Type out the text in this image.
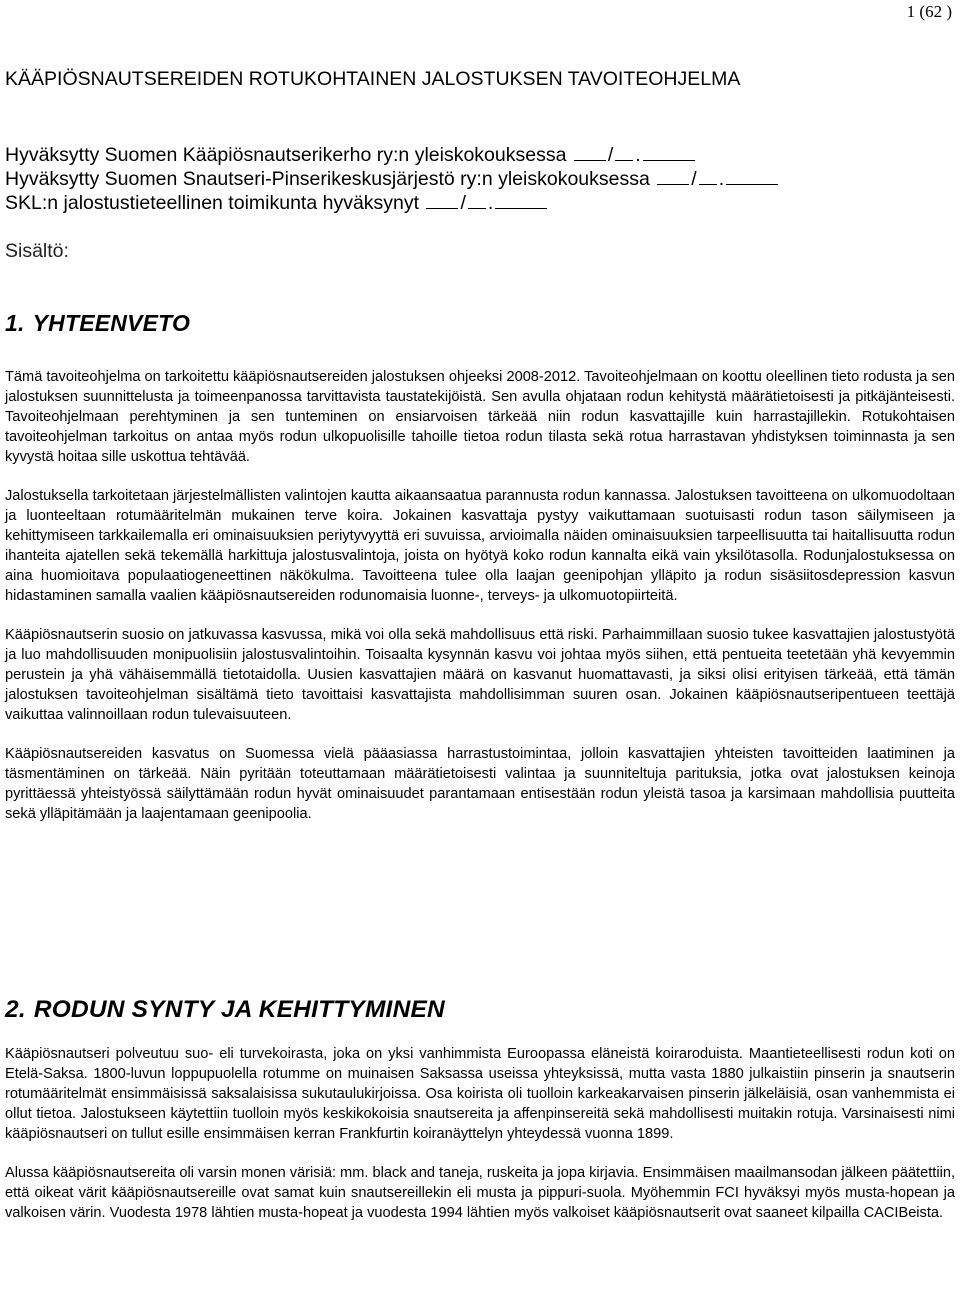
1 (62 )
KÄÄPIÖSNAUTSEREIDEN ROTUKOHTAINEN JALOSTUKSEN TAVOITEOHJELMA
Hyväksytty Suomen Kääpiösnautserikerho ry:n yleiskokouksessa / .
Hyväksytty Suomen Snautseri-Pinserikeskusjärjestö ry:n yleiskokouksessa / .
SKL:n jalostustieteellinen toimikunta hyväksynyt / .
Sisältö:
1. YHTEENVETO

Tämä tavoiteohjelma on tarkoitettu kääpiösnautsereiden jalostuksen ohjeeksi 2008-2012. Tavoiteohjelmaan on koottu oleellinen tieto rodusta ja sen jalostuksen suunnittelusta ja toimeenpanossa tarvittavista taustatekijöistä. Sen avulla ohjataan rodun kehitystä määrätietoisesti ja pitkäjänteisesti. Tavoiteohjelmaan perehtyminen ja sen tunteminen on ensiarvoisen tärkeää niin rodun kasvattajille kuin harrastajillekin. Rotukohtaisen tavoiteohjelman tarkoitus on antaa myös rodun ulkopuolisille tahoille tietoa rodun tilasta sekä rotua harrastavan yhdistyksen toiminnasta ja sen kyvystä hoitaa sille uskottua tehtävää.

Jalostuksella tarkoitetaan järjestelmällisten valintojen kautta aikaansaatua parannusta rodun kannassa. Jalostuksen tavoitteena on ulkomuodoltaan ja luonteeltaan rotumääritelmän mukainen terve koira. Jokainen kasvattaja pystyy vaikuttamaan suotuisasti rodun tason säilymiseen ja kehittymiseen tarkkailemalla eri ominaisuuksien periytyvyyttä eri suvuissa, arvioimalla näiden ominaisuuksien tarpeellisuutta tai haitallisuutta rodun ihanteita ajatellen sekä tekemällä harkittuja jalostusvalintoja, joista on hyötyä koko rodun kannalta eikä vain yksilötasolla. Rodunjalostuksessa on aina huomioitava populaatiogeneettinen näkökulma. Tavoitteena tulee olla laajan geenipohjan ylläpito ja rodun sisäsiitosdepression kasvun hidastaminen samalla vaalien kääpiösnautsereiden rodunomaisia luonne-, terveys- ja ulkomuotopiirteitä.

Kääpiösnautserin suosio on jatkuvassa kasvussa, mikä voi olla sekä mahdollisuus että riski. Parhaimmillaan suosio tukee kasvattajien jalostustyötä ja luo mahdollisuuden monipuolisiin jalostusvalintoihin. Toisaalta kysynnän kasvu voi johtaa myös siihen, että pentueita teetetään yhä kevyemmin perustein ja yhä vähäisemmällä tietotaidolla. Uusien kasvattajien määrä on kasvanut huomattavasti, ja siksi olisi erityisen tärkeää, että tämän jalostuksen tavoiteohjelman sisältämä tieto tavoittaisi kasvattajista mahdollisimman suuren osan. Jokainen kääpiösnautseripentueen teettäjä vaikuttaa valinnoillaan rodun tulevaisuuteen.

Kääpiösnautsereiden kasvatus on Suomessa vielä pääasiassa harrastustoimintaa, jolloin kasvattajien yhteisten tavoitteiden laatiminen ja täsmentäminen on tärkeää. Näin pyritään toteuttamaan määrätietoisesti valintaa ja suunniteltuja parituksia, jotka ovat jalostuksen keinoja pyrittäessä yhteistyössä säilyttämään rodun hyvät ominaisuudet parantamaan entisestään rodun yleistä tasoa ja karsimaan mahdollisia puutteita sekä ylläpitämään ja laajentamaan geenipoolia.

2. RODUN SYNTY JA KEHITTYMINEN

Kääpiösnautseri polveutuu suo- eli turvekoirasta, joka on yksi vanhimmista Euroopassa eläneistä koiraroduista. Maantieteellisesti rodun koti on Etelä-Saksa. 1800-luvun loppupuolella rotumme on muinaisen Saksassa useissa yhteyksissä, mutta vasta 1880 julkaistiin pinserin ja snautserin rotumääritelmät ensimmäisissä saksalaisissa sukutaulukirjoissa. Osa koirista oli tuolloin karkeakarvaisen pinserin jälkeläisiä, osan vanhemmista ei ollut tietoa. Jalostukseen käytettiin tuolloin myös keskikokoisia snautsereita ja affenpinsereitä sekä mahdollisesti muitakin rotuja. Varsinaisesti nimi kääpiösnautseri on tullut esille ensimmäisen kerran Frankfurtin koiranäyttelyn yhteydessä vuonna 1899.

Alussa kääpiösnautsereita oli varsin monen värisiä: mm. black and taneja, ruskeita ja jopa kirjavia. Ensimmäisen maailmansodan jälkeen päätettiin, että oikeat värit kääpiösnautsereille ovat samat kuin snautsereillekin eli musta ja pippuri-suola. Myöhemmin FCI hyväksyi myös musta-hopean ja valkoisen värin. Vuodesta 1978 lähtien musta-hopeat ja vuodesta 1994 lähtien myös valkoiset kääpiösnautserit ovat saaneet kilpailla CACIBeista.
